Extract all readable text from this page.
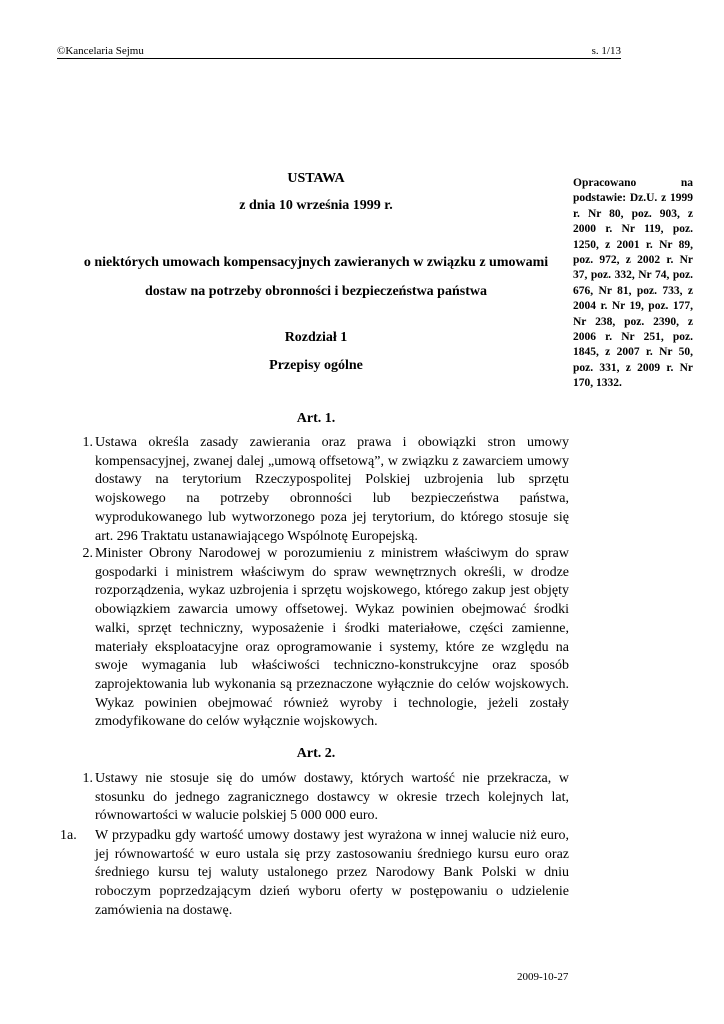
©Kancelaria Sejmu	s. 1/13
USTAWA
z dnia 10 września 1999 r.
o niektórych umowach kompensacyjnych zawieranych w związku z umowami dostaw na potrzeby obronności i bezpieczeństwa państwa
Opracowano na podstawie: Dz.U. z 1999 r. Nr 80, poz. 903, z 2000 r. Nr 119, poz. 1250, z 2001 r. Nr 89, poz. 972, z 2002 r. Nr 37, poz. 332, Nr 74, poz. 676, Nr 81, poz. 733, z 2004 r. Nr 19, poz. 177, Nr 238, poz. 2390, z 2006 r. Nr 251, poz. 1845, z 2007 r. Nr 50, poz. 331, z 2009 r. Nr 170, 1332.
Rozdział 1
Przepisy ogólne
Art. 1.
1. Ustawa określa zasady zawierania oraz prawa i obowiązki stron umowy kompensacyjnej, zwanej dalej „umową offsetową”, w związku z zawarciem umowy dostawy na terytorium Rzeczypospolitej Polskiej uzbrojenia lub sprzętu wojskowego na potrzeby obronności lub bezpieczeństwa państwa, wyprodukowanego lub wytworzonego poza jej terytorium, do którego stosuje się art. 296 Traktatu ustanawiającego Wspólnotę Europejską.
2. Minister Obrony Narodowej w porozumieniu z ministrem właściwym do spraw gospodarki i ministrem właściwym do spraw wewnętrznych określi, w drodze rozporządzenia, wykaz uzbrojenia i sprzętu wojskowego, którego zakup jest objęty obowiązkiem zawarcia umowy offsetowej. Wykaz powinien obejmować środki walki, sprzęt techniczny, wyposażenie i środki materiałowe, części zamienne, materiały eksploatacyjne oraz oprogramowanie i systemy, które ze względu na swoje wymagania lub właściwości techniczno-konstrukcyjne oraz sposób zaprojektowania lub wykonania są przeznaczone wyłącznie do celów wojskowych. Wykaz powinien obejmować również wyroby i technologie, jeżeli zostały zmodyfikowane do celów wyłącznie wojskowych.
Art. 2.
1. Ustawy nie stosuje się do umów dostawy, których wartość nie przekracza, w stosunku do jednego zagranicznego dostawcy w okresie trzech kolejnych lat, równowartości w walucie polskiej 5 000 000 euro.
1a.	W przypadku gdy wartość umowy dostawy jest wyrażona w innej walucie niż euro, jej równowartość w euro ustala się przy zastosowaniu średniego kursu euro oraz średniego kursu tej waluty ustalonego przez Narodowy Bank Polski w dniu roboczym poprzedzającym dzień wyboru oferty w postępowaniu o udzielenie zamówienia na dostawę.
2009-10-27
